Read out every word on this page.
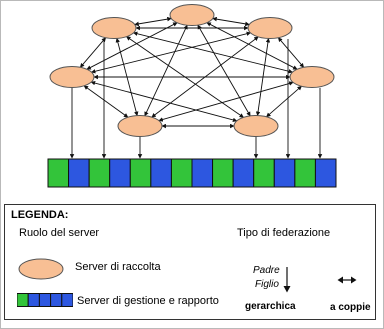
LEGENDA:
Ruolo del server	Tipo di federazione
Server di raccolta
Server di gestione e rapporto
Padre
Figlio
gerarchica	a coppie
